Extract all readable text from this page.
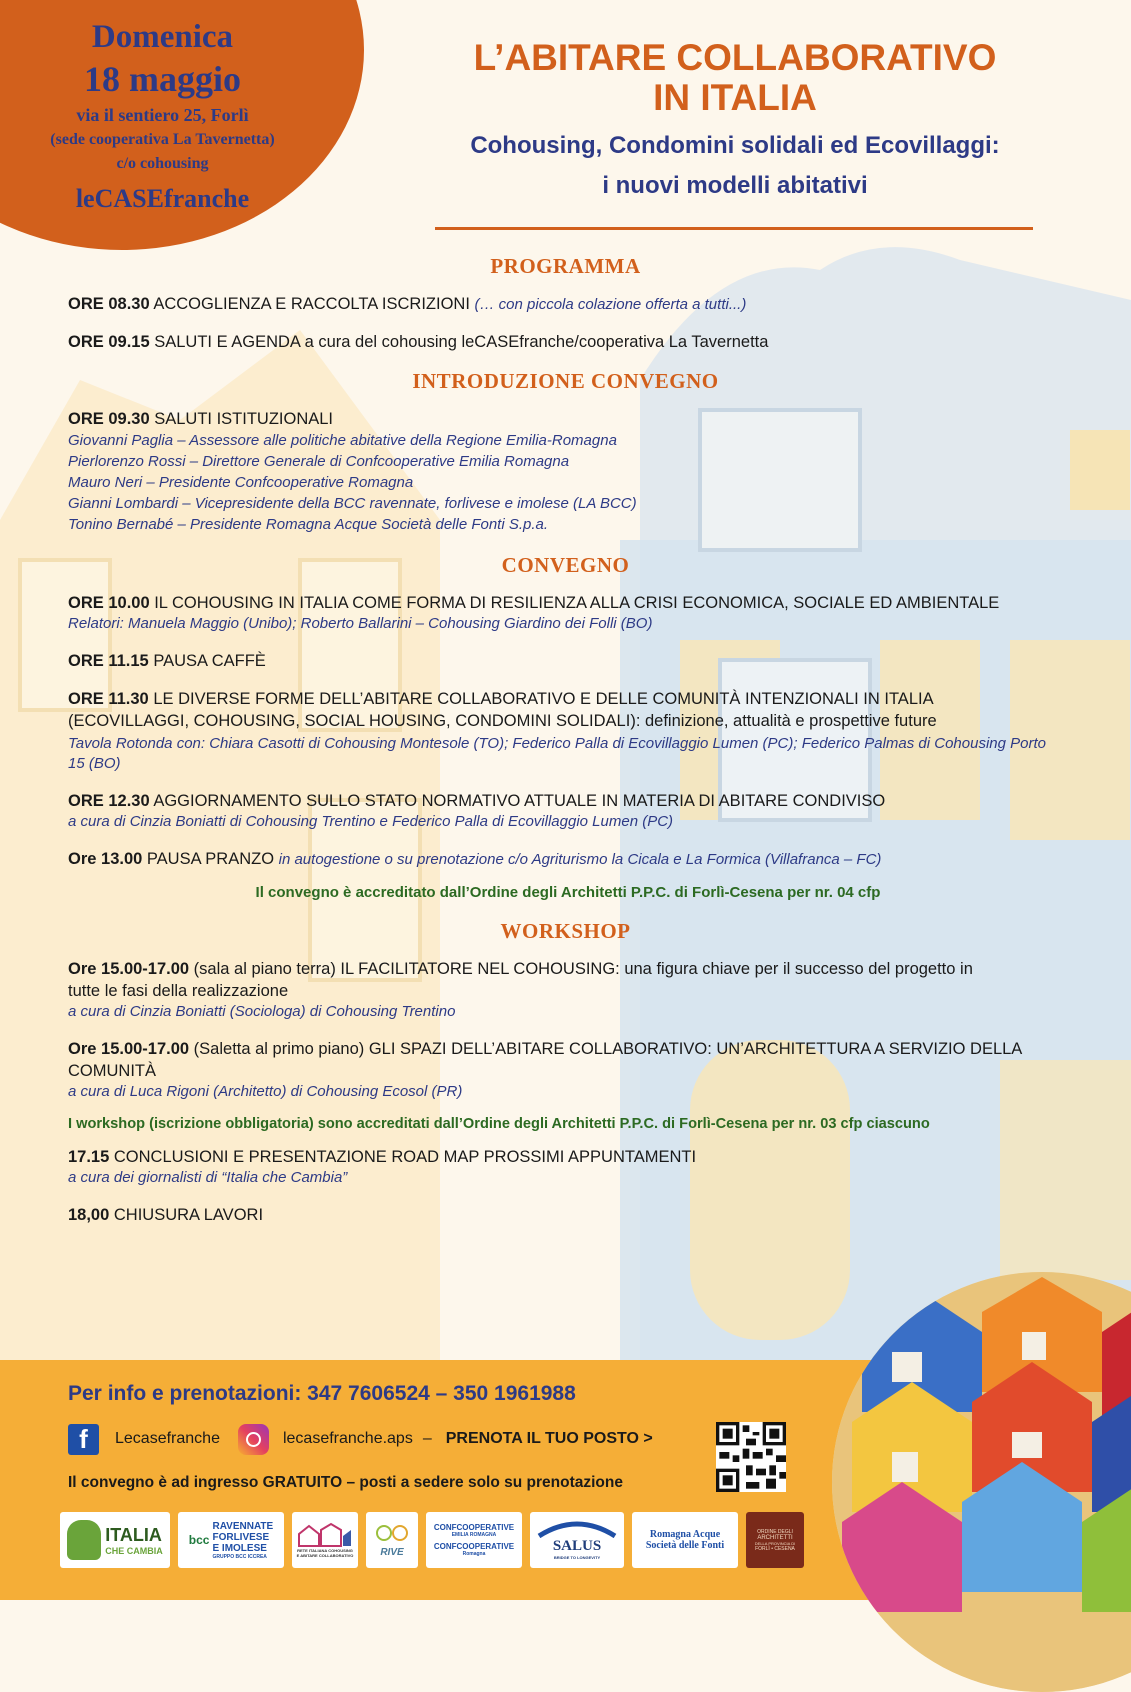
Domenica
18 maggio
via il sentiero 25, Forlì
(sede cooperativa La Tavernetta)
c/o cohousing
leCASEfranche
L’ABITARE COLLABORATIVO
IN ITALIA
Cohousing, Condomini solidali ed Ecovillaggi:
i nuovi modelli abitativi
PROGRAMMA
ORE 08.30 ACCOGLIENZA E RACCOLTA ISCRIZIONI (… con piccola colazione offerta a tutti...)
ORE 09.15 SALUTI E AGENDA a cura del cohousing leCASEfranche/cooperativa La Tavernetta
INTRODUZIONE CONVEGNO
ORE 09.30 SALUTI ISTITUZIONALI
Giovanni Paglia – Assessore alle politiche abitative della Regione Emilia-Romagna
Pierlorenzo Rossi – Direttore Generale di Confcooperative Emilia Romagna
Mauro Neri – Presidente Confcooperative Romagna
Gianni Lombardi – Vicepresidente della BCC ravennate, forlivese e imolese (LA BCC)
Tonino Bernabé – Presidente Romagna Acque Società delle Fonti S.p.a.
CONVEGNO
ORE 10.00 IL COHOUSING IN ITALIA COME FORMA DI RESILIENZA ALLA CRISI ECONOMICA, SOCIALE ED AMBIENTALE
Relatori: Manuela Maggio (Unibo); Roberto Ballarini – Cohousing Giardino dei Folli (BO)
ORE 11.15 PAUSA CAFFÈ
ORE 11.30 LE DIVERSE FORME DELL’ABITARE COLLABORATIVO E DELLE COMUNITÀ INTENZIONALI IN ITALIA (ECOVILLAGGI, COHOUSING, SOCIAL HOUSING, CONDOMINI SOLIDALI): definizione, attualità e prospettive future
Tavola Rotonda con: Chiara Casotti di Cohousing Montesole (TO); Federico Palla di Ecovillaggio Lumen (PC); Federico Palmas di Cohousing Porto 15 (BO)
ORE 12.30 AGGIORNAMENTO SULLO STATO NORMATIVO ATTUALE IN MATERIA DI ABITARE CONDIVISO
a cura di Cinzia Boniatti di Cohousing Trentino e Federico Palla di Ecovillaggio Lumen (PC)
Ore 13.00 PAUSA PRANZO in autogestione o su prenotazione c/o Agriturismo la Cicala e La Formica (Villafranca – FC)
Il convegno è accreditato dall’Ordine degli Architetti P.P.C. di Forlì-Cesena per nr. 04 cfp
WORKSHOP
Ore 15.00-17.00 (sala al piano terra) IL FACILITATORE NEL COHOUSING: una figura chiave per il successo del progetto in tutte le fasi della realizzazione
a cura di Cinzia Boniatti (Sociologa) di Cohousing Trentino
Ore 15.00-17.00 (Saletta al primo piano) GLI SPAZI DELL’ABITARE COLLABORATIVO: UN’ARCHITETTURA A SERVIZIO DELLA COMUNITÀ
a cura di Luca Rigoni (Architetto) di Cohousing Ecosol (PR)
I workshop (iscrizione obbligatoria) sono accreditati dall’Ordine degli Architetti P.P.C. di Forlì-Cesena per nr. 03 cfp ciascuno
17.15 CONCLUSIONI E PRESENTAZIONE ROAD MAP PROSSIMI APPUNTAMENTI
a cura dei giornalisti di “Italia che Cambia”
18,00 CHIUSURA LAVORI
Per info e prenotazioni: 347 7606524 – 350 1961988
f	Lecasefranche	lecasefranche.aps – PRENOTA IL TUO POSTO >
Il convegno è ad ingresso GRATUITO – posti a sedere solo su prenotazione
ITALIA
CHE CAMBIA
bcc
RAVENNATE
FORLIVESE
E IMOLESE
GRUPPO BCC ICCREA
RETE ITALIANA COHOUSING E ABITARE COLLABORATIVO	RIVE
CONFCOOPERATIVE
EMILIA ROMAGNA
CONFCOOPERATIVE
Romagna	SALUS
BRIDGE TO LONGEVITY
Romagna Acque
Società delle Fonti
ORDINE DEGLI
ARCHITETTI
DELLA PROVINCIA DI
FORLÌ • CESENA
